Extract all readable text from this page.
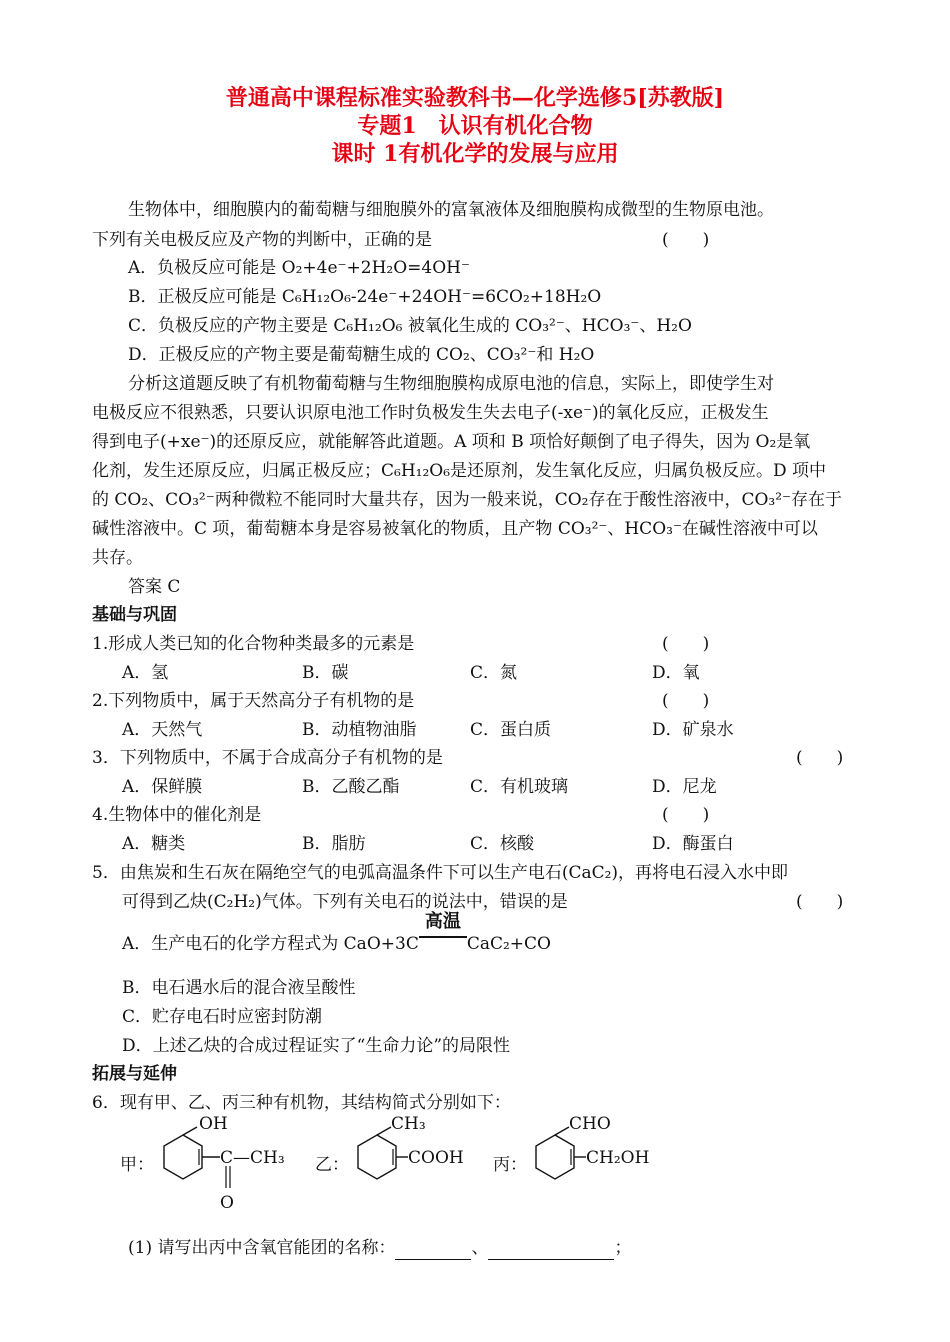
普通高中课程标准实验教科书—化学选修5[苏教版]
专题1　认识有机化合物
课时 1有机化学的发展与应用
生物体中，细胞膜内的葡萄糖与细胞膜外的富氧液体及细胞膜构成微型的生物原电池。
下列有关电极反应及产物的判断中，正确的是	(　　)
A．负极反应可能是 O₂+4e⁻+2H₂O=4OH⁻
B．正极反应可能是 C₆H₁₂O₆-24e⁻+24OH⁻=6CO₂+18H₂O
C．负极反应的产物主要是 C₆H₁₂O₆ 被氧化生成的 CO₃²⁻、HCO₃⁻、H₂O
D．正极反应的产物主要是葡萄糖生成的 CO₂、CO₃²⁻和 H₂O
分析这道题反映了有机物葡萄糖与生物细胞膜构成原电池的信息，实际上，即使学生对
电极反应不很熟悉，只要认识原电池工作时负极发生失去电子(-xe⁻)的氧化反应，正极发生
得到电子(+xe⁻)的还原反应，就能解答此道题。A 项和 B 项恰好颠倒了电子得失，因为 O₂是氧
化剂，发生还原反应，归属正极反应；C₆H₁₂O₆是还原剂，发生氧化反应，归属负极反应。D 项中
的 CO₂、CO₃²⁻两种微粒不能同时大量共存，因为一般来说，CO₂存在于酸性溶液中，CO₃²⁻存在于
碱性溶液中。C 项，葡萄糖本身是容易被氧化的物质，且产物 CO₃²⁻、HCO₃⁻在碱性溶液中可以
共存。
答案 C
基础与巩固
1.形成人类已知的化合物种类最多的元素是	(　　)
A．氢	B．碳	C．氮	D．氧
2.下列物质中，属于天然高分子有机物的是	(　　)
A．天然气	B．动植物油脂	C．蛋白质	D．矿泉水
3．下列物质中，不属于合成高分子有机物的是	(　　)
A．保鲜膜	B．乙酸乙酯	C．有机玻璃	D．尼龙
4.生物体中的催化剂是	(　　)
A．糖类	B．脂肪	C．核酸	D．酶蛋白
5．由焦炭和生石灰在隔绝空气的电弧高温条件下可以生产电石(CaC₂)，再将电石浸入水中即
可得到乙炔(C₂H₂)气体。下列有关电石的说法中，错误的是	(　　)
A．生产电石的化学方程式为 CaO+3C
高温
CaC₂+CO
B．电石遇水后的混合液呈酸性
C．贮存电石时应密封防潮
D．上述乙炔的合成过程证实了“生命力论”的局限性
拓展与延伸
6．现有甲、乙、丙三种有机物，其结构简式分别如下：
甲：
OH
C—CH₃
O
乙：
CH₃
COOH 丙：
CHO
CH₂OH
(1) 请写出丙中含氧官能团的名称：	、	；
